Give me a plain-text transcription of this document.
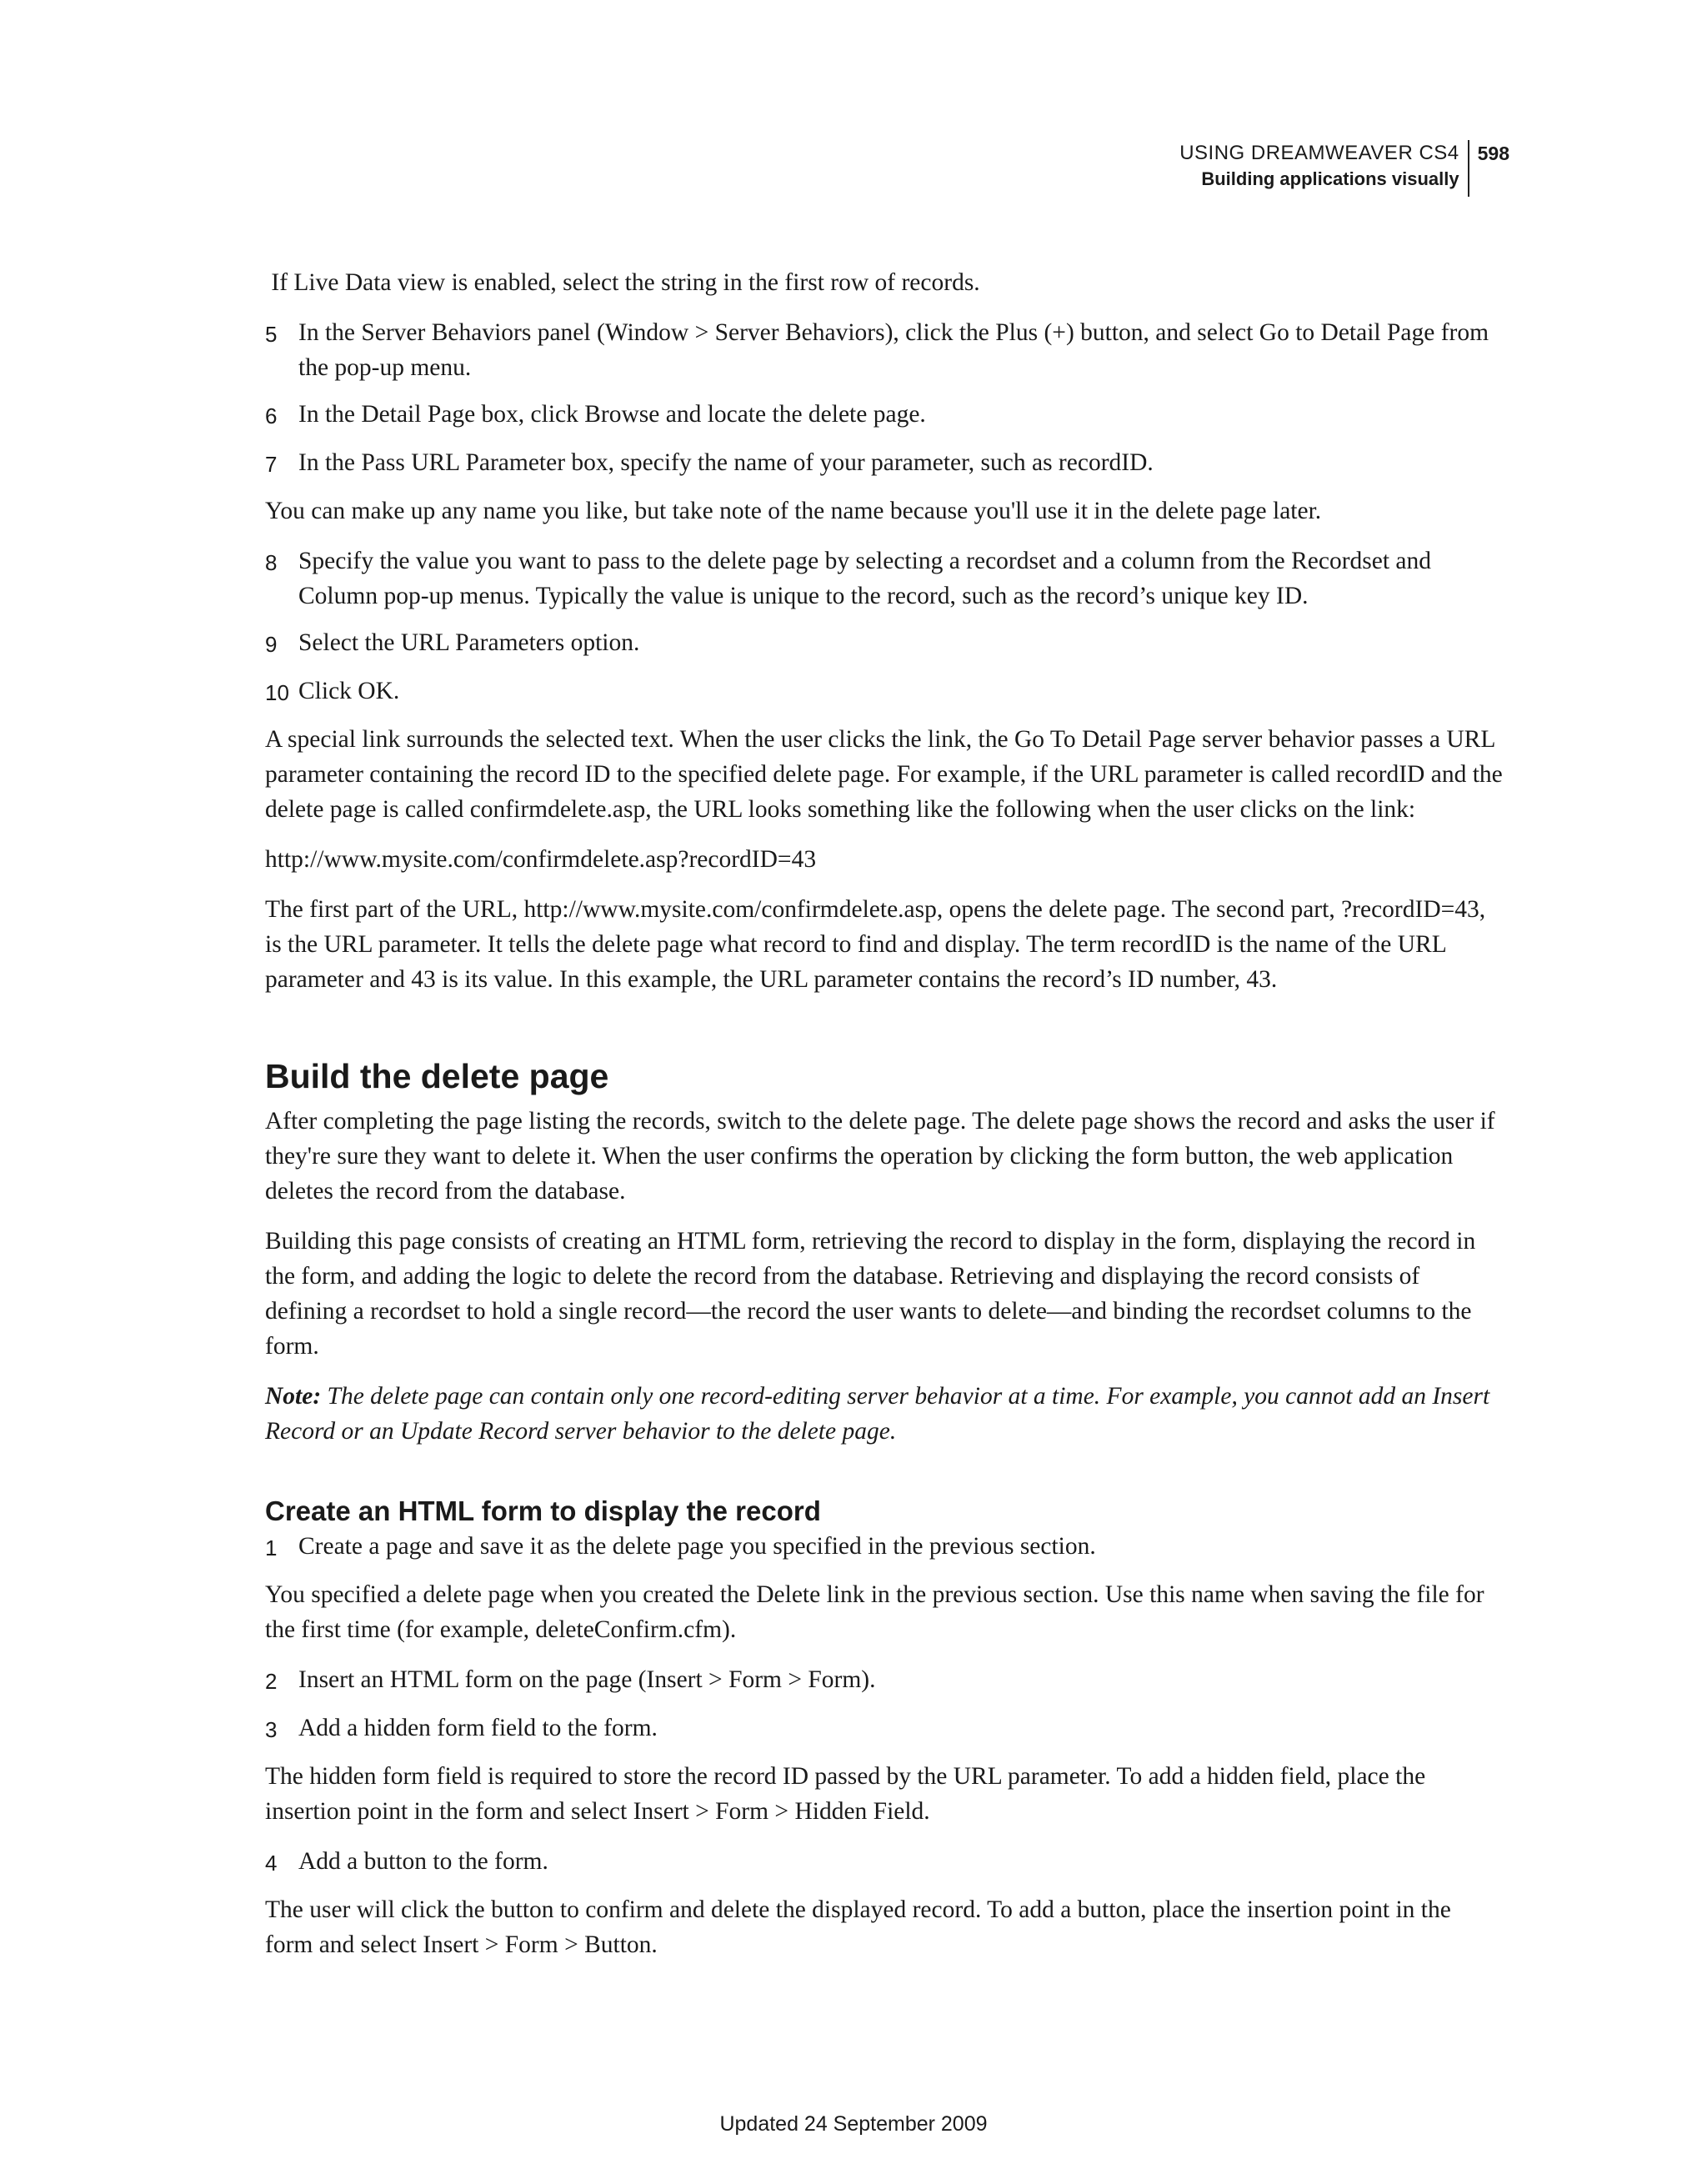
USING DREAMWEAVER CS4
Building applications visually
598

If Live Data view is enabled, select the string in the first row of records.

5 In the Server Behaviors panel (Window > Server Behaviors), click the Plus (+) button, and select Go to Detail Page from the pop-up menu.
6 In the Detail Page box, click Browse and locate the delete page.
7 In the Pass URL Parameter box, specify the name of your parameter, such as recordID.

You can make up any name you like, but take note of the name because you'll use it in the delete page later.

8 Specify the value you want to pass to the delete page by selecting a recordset and a column from the Recordset and Column pop-up menus. Typically the value is unique to the record, such as the record’s unique key ID.
9 Select the URL Parameters option.
10 Click OK.

A special link surrounds the selected text. When the user clicks the link, the Go To Detail Page server behavior passes a URL parameter containing the record ID to the specified delete page. For example, if the URL parameter is called recordID and the delete page is called confirmdelete.asp, the URL looks something like the following when the user clicks on the link:

http://www.mysite.com/confirmdelete.asp?recordID=43

The first part of the URL, http://www.mysite.com/confirmdelete.asp, opens the delete page. The second part, ?recordID=43, is the URL parameter. It tells the delete page what record to find and display. The term recordID is the name of the URL parameter and 43 is its value. In this example, the URL parameter contains the record’s ID number, 43.

Build the delete page

After completing the page listing the records, switch to the delete page. The delete page shows the record and asks the user if they're sure they want to delete it. When the user confirms the operation by clicking the form button, the web application deletes the record from the database.

Building this page consists of creating an HTML form, retrieving the record to display in the form, displaying the record in the form, and adding the logic to delete the record from the database. Retrieving and displaying the record consists of defining a recordset to hold a single record—the record the user wants to delete—and binding the recordset columns to the form.

Note: The delete page can contain only one record-editing server behavior at a time. For example, you cannot add an Insert Record or an Update Record server behavior to the delete page.

Create an HTML form to display the record
1 Create a page and save it as the delete page you specified in the previous section.

You specified a delete page when you created the Delete link in the previous section. Use this name when saving the file for the first time (for example, deleteConfirm.cfm).

2 Insert an HTML form on the page (Insert > Form > Form).
3 Add a hidden form field to the form.

The hidden form field is required to store the record ID passed by the URL parameter. To add a hidden field, place the insertion point in the form and select Insert > Form > Hidden Field.

4 Add a button to the form.

The user will click the button to confirm and delete the displayed record. To add a button, place the insertion point in the form and select Insert > Form > Button.

Updated 24 September 2009
